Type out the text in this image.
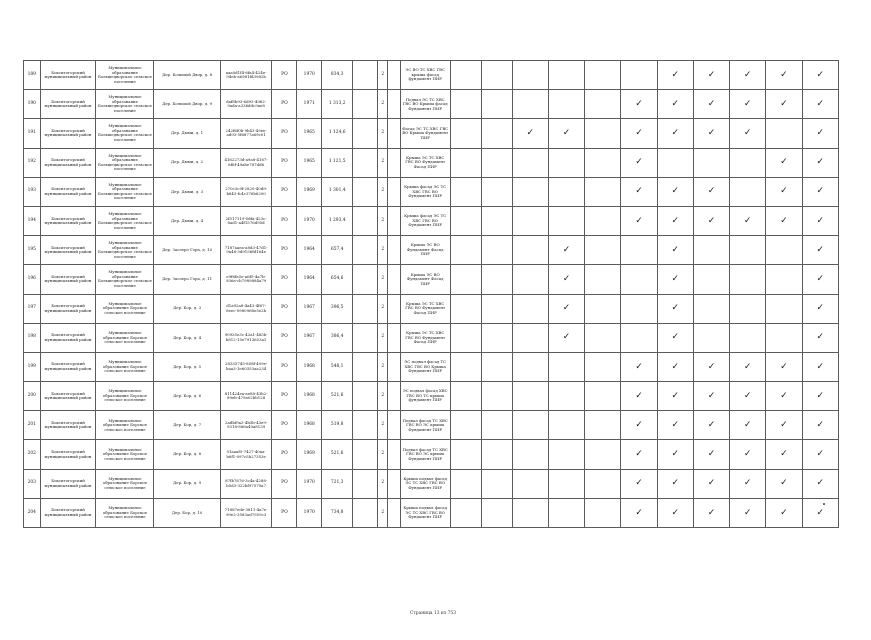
189	Бокситогорский муниципальный район	Муниципальное образование Большедворское сельское поселение	Дер. Большой Двор, д. 8	aaa0d1f4-6fa4-424e-94eb-a6981fd3982b	РО	1970	834,3		2		ЭС ВО ТС ХВС ГВС крыша фасад фундамент ПИР							✓	✓	✓	✓	✓
190	Бокситогорский муниципальный район	Муниципальное образование Большедворское сельское поселение	Дер. Большой Двор, д. 9	daf8b93-6d93-4962-9ada-a336ddc9ae8	РО	1971	1 313,2		2		Подвал ЭС ТС ХВС ГВС ВО Крыша фасад Фундамент ПИР						✓	✓	✓	✓	✓	✓
191	Бокситогорский муниципальный район	Муниципальное образование Большедворское сельское поселение	Дер. Дыми, д. 1	242f6f0b-9b43-49ee-ad93-5f6877a69c01	РО	1965	1 124,6		2		Фасад ЭС ТС ХВС ГВС ВО Крыша Фундамент ПИР			✓	✓		✓	✓	✓	✓		✓
192	Бокситогорский муниципальный район	Муниципальное образование Большедворское сельское поселение	Дер. Дыми, д. 2	4162273d-a9a8-4167-8f6f-49abe787dd6	РО	1965	1 121,5		2		Крыша ЭС ТС ХВС ГВС ВО Фундамент Фасад ПИР						✓				✓	✓
193	Бокситогорский муниципальный район	Муниципальное образование Большедворское сельское поселение	Дер. Дыми, д. 3	270c3c9f-2820-40d9-b843-fc4c376b6200	РО	1969	1 301,4		2		Крыша фасад ЭС ТС ХВС ГВС ВО Фундамент ПИР						✓	✓	✓		✓	✓
194	Бокситогорский муниципальный район	Муниципальное образование Большедворское сельское поселение	Дер. Дыми, д. 4	2f517119-0dfa-423c-8ad1-a4f1576d95d	РО	1970	1 293,4		2		Крыша фасад ЭС ТС ХВС ГВС ВО Фундамент ПИР						✓	✓	✓	✓	✓	✓
195	Бокситогорский муниципальный район	Муниципальное образование Большедворское сельское поселение	Дер. Заозеро Гора, д. 10	7187aaea-a8d3-47d1-9a48-3d9156fd164e	РО	1964	657,4		2		Крыша ЭС ВО Фундамент Фасад ПИР				✓			✓				✓
196	Бокситогорский муниципальный район	Муниципальное образование Большедворское сельское поселение	Дер. Заозеро Гора, д. 11	e9f6fa5e-a6f5-4a7b-936a-cb7989884a79	РО	1964	654,6		2		Крыша ЭС ВО Фундамент Фасад ПИР				✓			✓				✓
197	Бокситогорский муниципальный район	Муниципальное образование Борское сельское поселение	Дер. Бор, д. 3	d1a92a8-4a43-4f67-8eec-0980968e5e2b	РО	1967	396,5		2		Крыша ЭС ТС ХВС ГВС ВО Фундамент Фасад ПИР				✓			✓				✓
198	Бокситогорский муниципальный район	Муниципальное образование Борское сельское поселение	Дер. Бор, д. 4	90935e3c-42a1-485b-b812-15e7913653a1	РО	1967	386,4		2		Крыша ЭС ТС ХВС ГВС ВО Фундамент Фасад ПИР				✓			✓				✓
199	Бокситогорский муниципальный район	Муниципальное образование Борское сельское поселение	Дер. Бор, д. 5	28335745-858f-409e-baa3-1e60353aa234	РО	1968	548,1		2		ЭС подвал фасад ТС ХВС ГВС ВО Крыша Фундамент ПИР						✓	✓	✓	✓	✓	✓
200	Бокситогорский муниципальный район	Муниципальное образование Борское сельское поселение	Дер. Бор, д. 6	811424ea-ae88-43b2-89eb-479a02bb128	РО	1968	521,6		2		ЭС подвал фасад ХВС ГВС ВО ТС крыша фундамент ПИР						✓	✓	✓	✓	✓	✓
201	Бокситогорский муниципальный район	Муниципальное образование Борское сельское поселение	Дер. Бор, д. 7	2adbf9a3-4b5b-43e9-9318-886a49a8139	РО	1968	519,8		2		Подвал фасад ТС ХВС ГВС ВО ЭС крыша Фундамент ПИР						✓	✓	✓	✓	✓	✓
202	Бокситогорский муниципальный район	Муниципальное образование Борское сельское поселение	Дер. Бор, д. 8	91aaaf5-7427-40aa-b6f1-097c5b27353e	РО	1969	521,6		2		Подвал фасад ТС ХВС ГВС ВО ЭС крыша Фундамент ПИР						✓	✓	✓	✓	✓	✓
203	Бокситогорский муниципальный район	Муниципальное образование Борское сельское поселение	Дер. Бор, д. 9	87fb7676-3c4a-4288-b5d3-322bf97579a7	РО	1970	721,3		2		Крыша подвал фасад ЭС ТС ХВС ГВС ВО Фундамент ПИР						✓	✓	✓	✓	✓	✓
204	Бокситогорский муниципальный район	Муниципальное образование Борское сельское поселение	Дер. Бор, д. 10	71887ede-3811-4a7e-99e2-3583ad7959c3	РО	1970	734,8		2		Крыша подвал фасад ЭС ТС ХВС ГВС ВО Фундамент ПИР						✓	✓	✓	✓	✓	✓
Страница 13 из 753
